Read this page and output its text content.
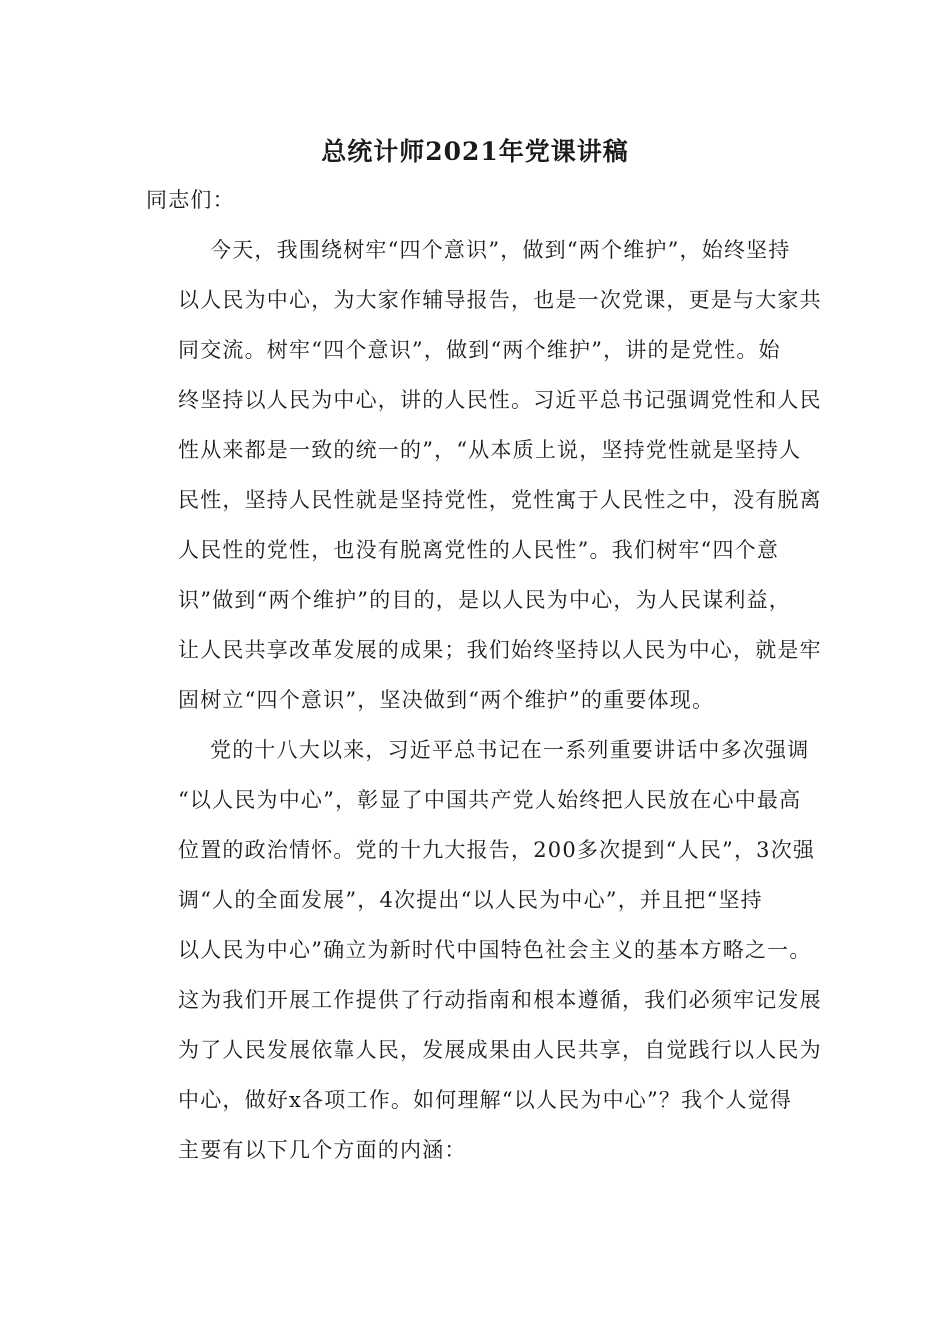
总统计师2021年党课讲稿
同志们：
今天，我围绕树牢“四个意识”，做到“两个维护”，始终坚持
以人民为中心，为大家作辅导报告，也是一次党课，更是与大家共
同交流。树牢“四个意识”，做到“两个维护”，讲的是党性。始
终坚持以人民为中心，讲的人民性。习近平总书记强调党性和人民
性从来都是一致的统一的”，“从本质上说，坚持党性就是坚持人
民性，坚持人民性就是坚持党性，党性寓于人民性之中，没有脱离
人民性的党性，也没有脱离党性的人民性”。我们树牢“四个意
识”做到“两个维护”的目的，是以人民为中心，为人民谋利益，
让人民共享改革发展的成果；我们始终坚持以人民为中心，就是牢
固树立“四个意识”，坚决做到“两个维护”的重要体现。
党的十八大以来，习近平总书记在一系列重要讲话中多次强调
“以人民为中心”，彰显了中国共产党人始终把人民放在心中最高
位置的政治情怀。党的十九大报告，200多次提到“人民”，3次强
调“人的全面发展”，4次提出“以人民为中心”，并且把“坚持
以人民为中心”确立为新时代中国特色社会主义的基本方略之一。
这为我们开展工作提供了行动指南和根本遵循，我们必须牢记发展
为了人民发展依靠人民，发展成果由人民共享，自觉践行以人民为
中心，做好x各项工作。如何理解“以人民为中心”？我个人觉得
主要有以下几个方面的内涵：
